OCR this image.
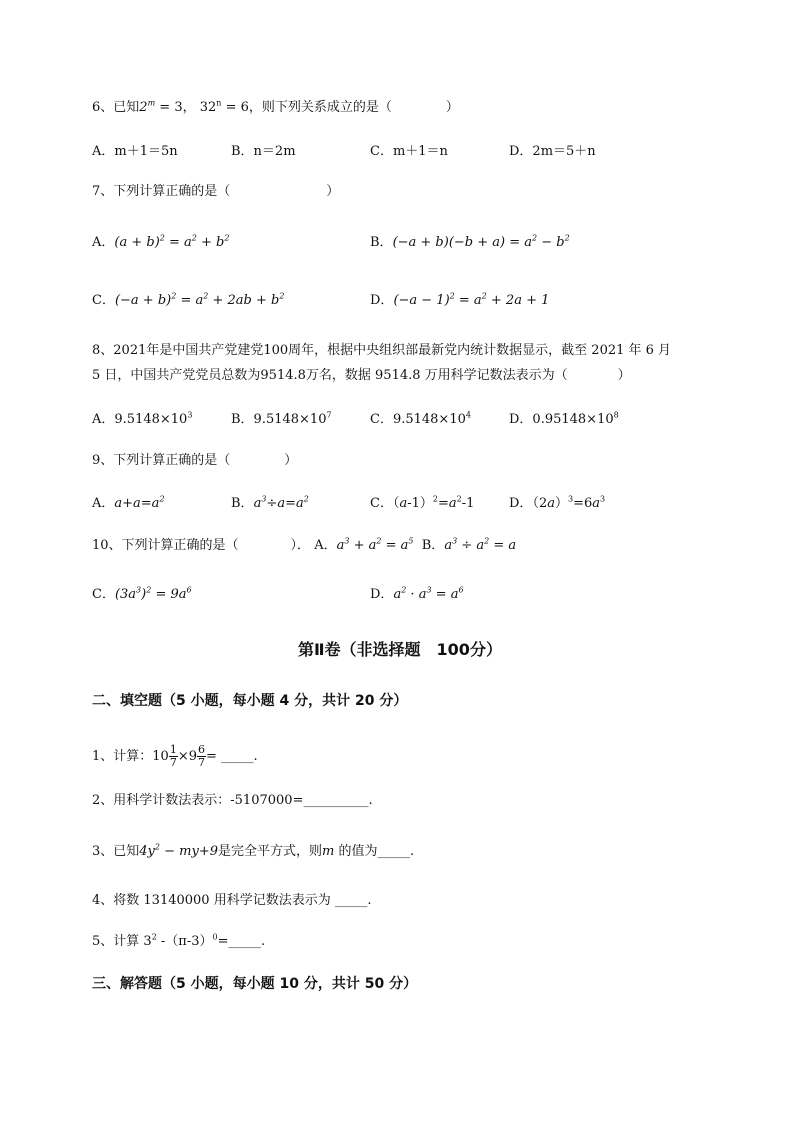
6、已知$2^m = 3$， $32^n = 6$，则下列关系成立的是（	）
A．m＋1＝5n	B．n＝2m	C．m＋1＝n	D．2m＝5＋n
7、下列计算正确的是（	）
A．$(a + b)^2 = a^2 + b^2$	B．$(-a + b)(-b + a) = a^2 - b^2$
C．$(-a + b)^2 = a^2 + 2ab + b^2$	D．$(-a - 1)^2 = a^2 + 2a + 1$
8、2021年是中国共产党建党100周年，根据中央组织部最新党内统计数据显示，截至 2021 年 6 月
5 日，中国共产党党员总数为9514.8万名，数据 9514.8 万用科学记数法表示为（	）
A．$9.5148\times 10^3$	B．$9.5148\times 10^7$	C．$9.5148\times 10^4$	D．$0.95148\times 10^8$
9、下列计算正确的是（	）
A．$a+a=a^2$	B．$a^3\div a=a^2$	C．$(a-1)^2=a^2-1$	D．$(2a)^3=6a^3$
10、下列计算正确的是（	）． A．$a^3 + a^2 = a^5$ B．$a^3 \div a^2 = a$
C．$(3a^3)^2 = 9a^6$	D．$a^2 \cdot a^3 = a^6$
第Ⅱ卷（非选择题　100分）
二、填空题（5 小题，每小题 4 分，共计 20 分）
1、计算：$10 \frac{1}{7} \times 9 \frac{6}{7}$ = _____.
2、用科学计数法表示：-5107000=__________.
3、已知$4y^2 - my+9$是完全平方式，则m 的值为_____.
4、将数 13140000 用科学记数法表示为 _____.
5、计算 $3^2$ $-(\pi-3)^0=\_\_\_\_\_$.
三、解答题（5 小题，每小题 10 分，共计 50 分）
